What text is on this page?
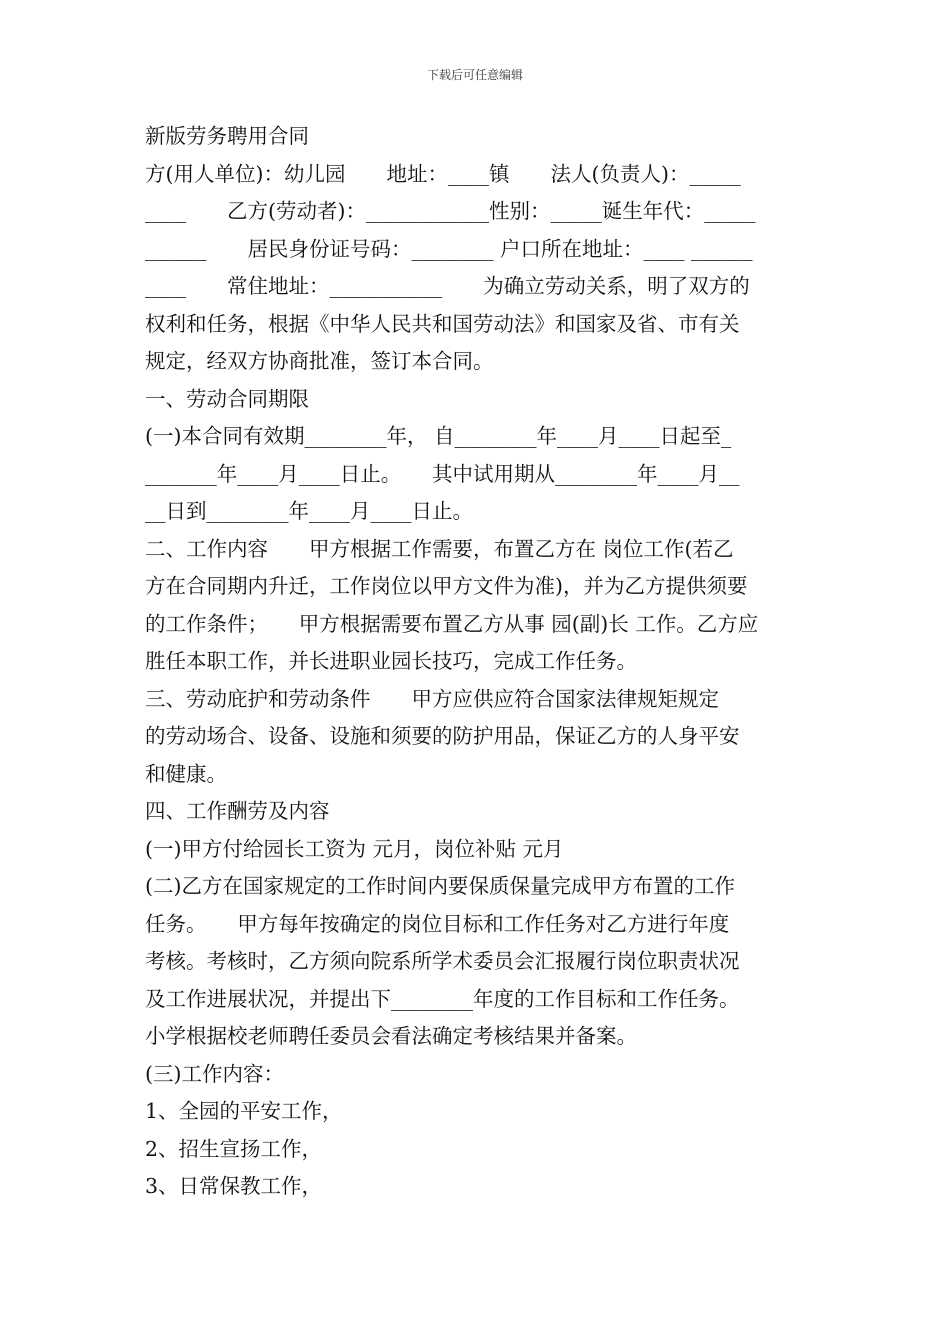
下载后可任意编辑
新版劳务聘用合同
方(用人单位)：幼儿园　　地址：____镇　　法人(负责人)：_____
____　　乙方(劳动者)：____________性别：_____诞生年代：_____
______　　居民身份证号码：________ 户口所在地址：____ ______
____　　常住地址：___________　　为确立劳动关系，明了双方的
权利和任务，根据《中华人民共和国劳动法》和国家及省、市有关
规定，经双方协商批准，签订本合同。
一、劳动合同期限
(一)本合同有效期________年， 自________年____月____日起至_
_______年____月____日止。　　其中试用期从________年____月__
__日到________年____月____日止。
二、工作内容　　甲方根据工作需要，布置乙方在 岗位工作(若乙
方在合同期内升迁，工作岗位以甲方文件为准)，并为乙方提供须要
的工作条件；　　甲方根据需要布置乙方从事 园(副)长 工作。乙方应
胜任本职工作，并长进职业园长技巧，完成工作任务。
三、劳动庇护和劳动条件　　甲方应供应符合国家法律规矩规定
的劳动场合、设备、设施和须要的防护用品，保证乙方的人身平安
和健康。
四、工作酬劳及内容
(一)甲方付给园长工资为 元月，岗位补贴 元月
(二)乙方在国家规定的工作时间内要保质保量完成甲方布置的工作
任务。　　甲方每年按确定的岗位目标和工作任务对乙方进行年度
考核。考核时，乙方须向院系所学术委员会汇报履行岗位职责状况
及工作进展状况，并提出下________年度的工作目标和工作任务。
小学根据校老师聘任委员会看法确定考核结果并备案。
(三)工作内容：
1、全园的平安工作，
2、招生宣扬工作，
3、日常保教工作，
